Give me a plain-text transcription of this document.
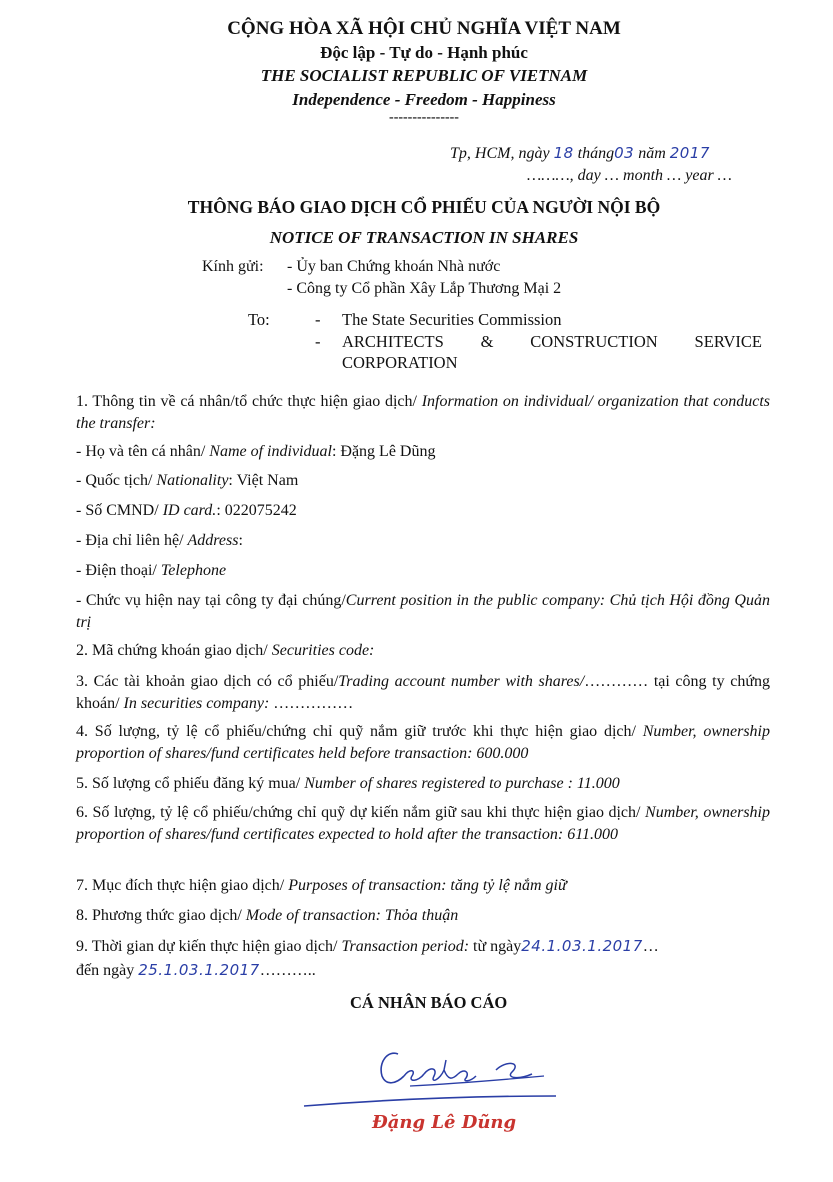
CỘNG HÒA XÃ HỘI CHỦ NGHĨA VIỆT NAM
Độc lập - Tự do - Hạnh phúc
THE SOCIALIST REPUBLIC OF VIETNAM
Independence - Freedom - Happiness
---------------
Tp, HCM, ngày 18 tháng03 năm 2017
………, day … month … year …
THÔNG BÁO GIAO DỊCH CỔ PHIẾU CỦA NGƯỜI NỘI BỘ
NOTICE OF TRANSACTION IN SHARES
Kính gửi: - Ủy ban Chứng khoán Nhà nước
- Công ty Cổ phần Xây Lắp Thương Mại 2
To:	- The State Securities Commission
- ARCHITECTS & CONSTRUCTION SERVICE
CORPORATION
1. Thông tin về cá nhân/tổ chức thực hiện giao dịch/ Information on individual/ organization that conducts the transfer:
- Họ và tên cá nhân/ Name of individual: Đặng Lê Dũng
- Quốc tịch/ Nationality: Việt Nam
- Số CMND/ ID card.: 022075242
- Địa chỉ liên hệ/ Address:
- Điện thoại/ Telephone
- Chức vụ hiện nay tại công ty đại chúng/Current position in the public company: Chủ tịch Hội đồng Quản trị
2. Mã chứng khoán giao dịch/ Securities code:
3. Các tài khoản giao dịch có cổ phiếu/Trading account number with shares/………… tại công ty chứng khoán/ In securities company: ……………
4. Số lượng, tỷ lệ cổ phiếu/chứng chỉ quỹ nắm giữ trước khi thực hiện giao dịch/ Number, ownership proportion of shares/fund certificates held before transaction: 600.000
5. Số lượng cổ phiếu đăng ký mua/ Number of shares registered to purchase : 11.000
6. Số lượng, tỷ lệ cổ phiếu/chứng chỉ quỹ dự kiến nắm giữ sau khi thực hiện giao dịch/ Number, ownership proportion of shares/fund certificates expected to hold after the transaction: 611.000
7. Mục đích thực hiện giao dịch/ Purposes of transaction: tăng tỷ lệ nắm giữ
8. Phương thức giao dịch/ Mode of transaction: Thỏa thuận
9. Thời gian dự kiến thực hiện giao dịch/ Transaction period: từ ngày24.1.03.1.2017…
đến ngày 25.1.03.1.2017………..
CÁ NHÂN BÁO CÁO
Đặng Lê Dũng
